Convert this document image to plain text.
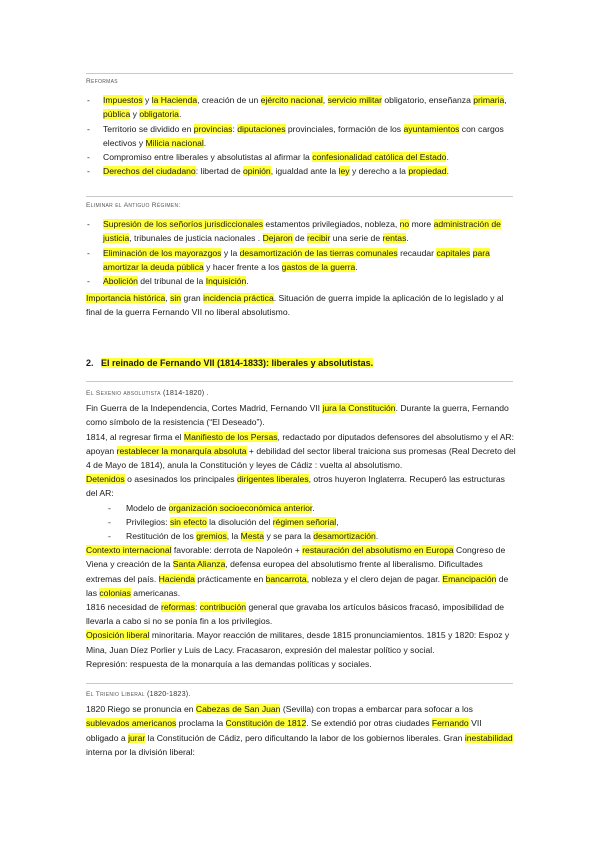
Reformas
- Impuestos y la Hacienda, creación de un ejército nacional, servicio militar obligatorio, enseñanza primaria, pública y obligatoria.
- Territorio se dividido en provincias: diputaciones provinciales, formación de los ayuntamientos con cargos electivos y Milicia nacional.
- Compromiso entre liberales y absolutistas al afirmar la confesionalidad católica del Estado.
- Derechos del ciudadano: libertad de opinión, igualdad ante la ley y derecho a la propiedad.
Eliminar el Antiguo Régimen:
- Supresión de los señoríos jurisdiccionales estamentos privilegiados, nobleza, no more administración de justicia, tribunales de justicia nacionales . Dejaron de recibir una serie de rentas.
- Eliminación de los mayorazgos y la desamortización de las tierras comunales recaudar capitales para amortizar la deuda pública y hacer frente a los gastos de la guerra.
- Abolición del tribunal de la Inquisición.

Importancia histórica, sin gran incidencia práctica. Situación de guerra impide la aplicación de lo legislado y al final de la guerra Fernando VII no liberal absolutismo.

2. El reinado de Fernando VII (1814-1833): liberales y absolutistas.
El Sexenio absolutista (1814-1820) .

Fin Guerra de la Independencia, Cortes Madrid, Fernando VII jura la Constitución. Durante la guerra, Fernando como símbolo de la resistencia (“El Deseado”).

1814, al regresar firma el Manifiesto de los Persas, redactado por diputados defensores del absolutismo y el AR: apoyan restablecer la monarquía absoluta + debilidad del sector liberal traiciona sus promesas (Real Decreto del 4 de Mayo de 1814), anula la Constitución y leyes de Cádiz : vuelta al absolutismo.

Detenidos o asesinados los principales dirigentes liberales, otros huyeron Inglaterra. Recuperó las estructuras del AR:

- Modelo de organización socioeconómica anterior.
- Privilegios: sin efecto la disolución del régimen señorial,
- Restitución de los gremios, la Mesta y se para la desamortización.

Contexto internacional favorable: derrota de Napoleón + restauración del absolutismo en Europa Congreso de Viena y creación de la Santa Alianza, defensa europea del absolutismo frente al liberalismo. Dificultades extremas del país. Hacienda prácticamente en bancarrota, nobleza y el clero dejan de pagar. Emancipación de las colonias americanas.

1816 necesidad de reformas: contribución general que gravaba los artículos básicos fracasó, imposibilidad de llevarla a cabo si no se ponía fin a los privilegios.

Oposición liberal minoritaria. Mayor reacción de militares, desde 1815 pronunciamientos. 1815 y 1820: Espoz y Mina, Juan Díez Porlier y Luis de Lacy. Fracasaron, expresión del malestar político y social.

Represión: respuesta de la monarquía a las demandas políticas y sociales.

El Trienio Liberal (1820-1823).

1820 Riego se pronuncia en Cabezas de San Juan (Sevilla) con tropas a embarcar para sofocar a los sublevados americanos proclama la Constitución de 1812. Se extendió por otras ciudades Fernando VII obligado a jurar la Constitución de Cádiz, pero dificultando la labor de los gobiernos liberales. Gran inestabilidad interna por la división liberal:
